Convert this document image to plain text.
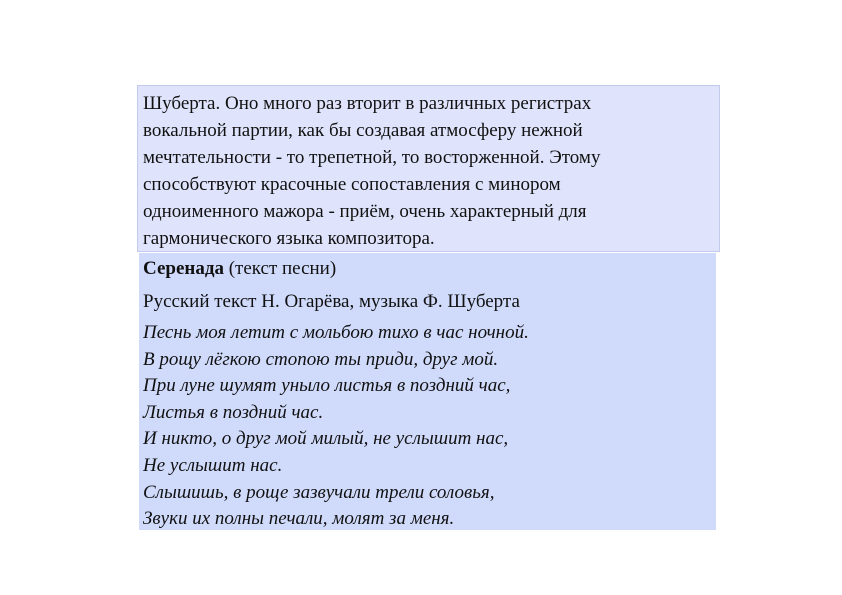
Шуберта. Оно много раз вторит в различных регистрах
вокальной партии, как бы создавая атмосферу нежной
мечтательности - то трепетной, то восторженной. Этому
способствуют красочные сопоставления с минором
одноименного мажора - приём, очень характерный для
гармонического языка композитора.

Серенада (текст песни)
Русский текст Н. Огарёва, музыка Ф. Шуберта
Песнь моя летит с мольбою тихо в час ночной.
В рощу лёгкою стопою ты приди, друг мой.
При луне шумят уныло листья в поздний час,
Листья в поздний час.
И никто, о друг мой милый, не услышит нас,
Не услышит нас.
Слышишь, в роще зазвучали трели соловья,
Звуки их полны печали, молят за меня.
